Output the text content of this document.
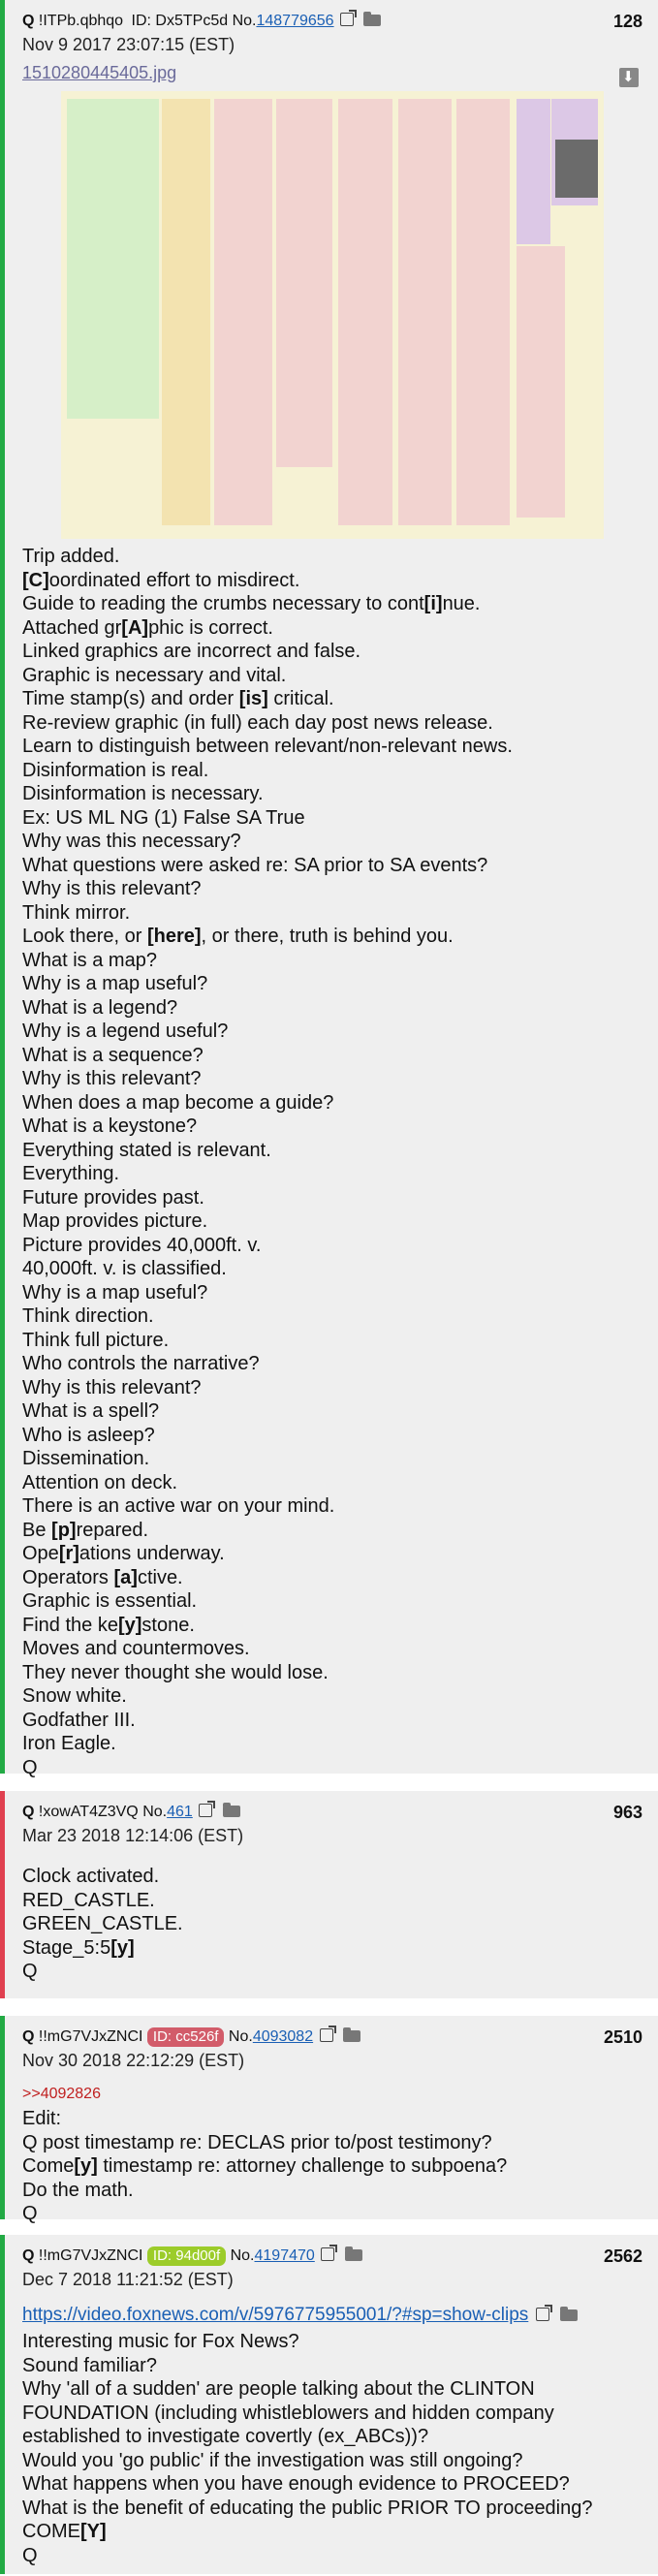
Q !ITPb.qbhqo ID: Dx5TPc5d No.148779656	128
Nov 9 2017 23:07:15 (EST)
1510280445405.jpg
⬇
Trip added.
[C]oordinated effort to misdirect.
Guide to reading the crumbs necessary to cont[i]nue.
Attached gr[A]phic is correct.
Linked graphics are incorrect and false.
Graphic is necessary and vital.
Time stamp(s) and order [is] critical.
Re-review graphic (in full) each day post news release.
Learn to distinguish between relevant/non-relevant news.
Disinformation is real.
Disinformation is necessary.
Ex: US ML NG (1) False SA True
Why was this necessary?
What questions were asked re: SA prior to SA events?
Why is this relevant?
Think mirror.
Look there, or [here], or there, truth is behind you.
What is a map?
Why is a map useful?
What is a legend?
Why is a legend useful?
What is a sequence?
Why is this relevant?
When does a map become a guide?
What is a keystone?
Everything stated is relevant.
Everything.
Future provides past.
Map provides picture.
Picture provides 40,000ft. v.
40,000ft. v. is classified.
Why is a map useful?
Think direction.
Think full picture.
Who controls the narrative?
Why is this relevant?
What is a spell?
Who is asleep?
Dissemination.
Attention on deck.
There is an active war on your mind.
Be [p]repared.
Ope[r]ations underway.
Operators [a]ctive.
Graphic is essential.
Find the ke[y]stone.
Moves and countermoves.
They never thought she would lose.
Snow white.
Godfather III.
Iron Eagle.
Q
Q !xowAT4Z3VQ No.461	963
Mar 23 2018 12:14:06 (EST)
Clock activated.
RED_CASTLE.
GREEN_CASTLE.
Stage_5:5[y]
Q
Q !!mG7VJxZNCI ID: cc526f No.4093082	2510
Nov 30 2018 22:12:29 (EST)
>>4092826
Edit:
Q post timestamp re: DECLAS prior to/post testimony?
Come[y] timestamp re: attorney challenge to subpoena?
Do the math.
Q
Q !!mG7VJxZNCI ID: 94d00f No.4197470	2562
Dec 7 2018 11:21:52 (EST)
https://video.foxnews.com/v/5976775955001/?#sp=show-clips
Interesting music for Fox News?
Sound familiar?
Why 'all of a sudden' are people talking about the CLINTON
FOUNDATION (including whistleblowers and hidden company
established to investigate covertly (ex_ABCs))?
Would you 'go public' if the investigation was still ongoing?
What happens when you have enough evidence to PROCEED?
What is the benefit of educating the public PRIOR TO proceeding?
COME[Y]
Q
